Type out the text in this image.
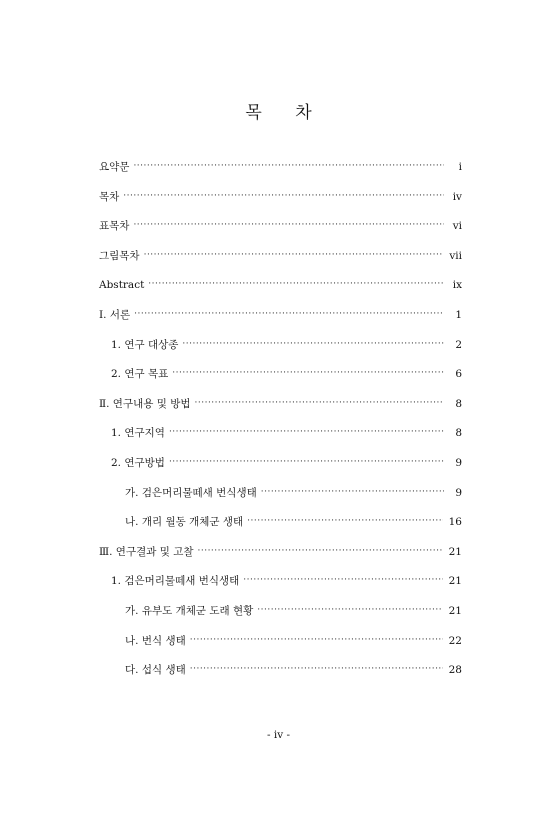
목 차
요약문 ·····	i
목차 ·····	iv
표목차 ·····	vi
그림목차 ·····	vii
Abstract ·····	ix
Ⅰ. 서론 ·····	1
1. 연구 대상종 ·····	2
2. 연구 목표 ·····	6
Ⅱ. 연구내용 및 방법 ·····	8
1. 연구지역 ·····	8
2. 연구방법 ·····	9
가. 검은머리물떼새 번식생태 ·····	9
나. 개리 월동 개체군 생태 ·····	16
Ⅲ. 연구결과 및 고찰 ·····	21
1. 검은머리물떼새 번식생태 ·····	21
가. 유부도 개체군 도래 현황 ·····	21
나. 번식 생태 ·····	22
다. 섭식 생태 ·····	28
- iv -
